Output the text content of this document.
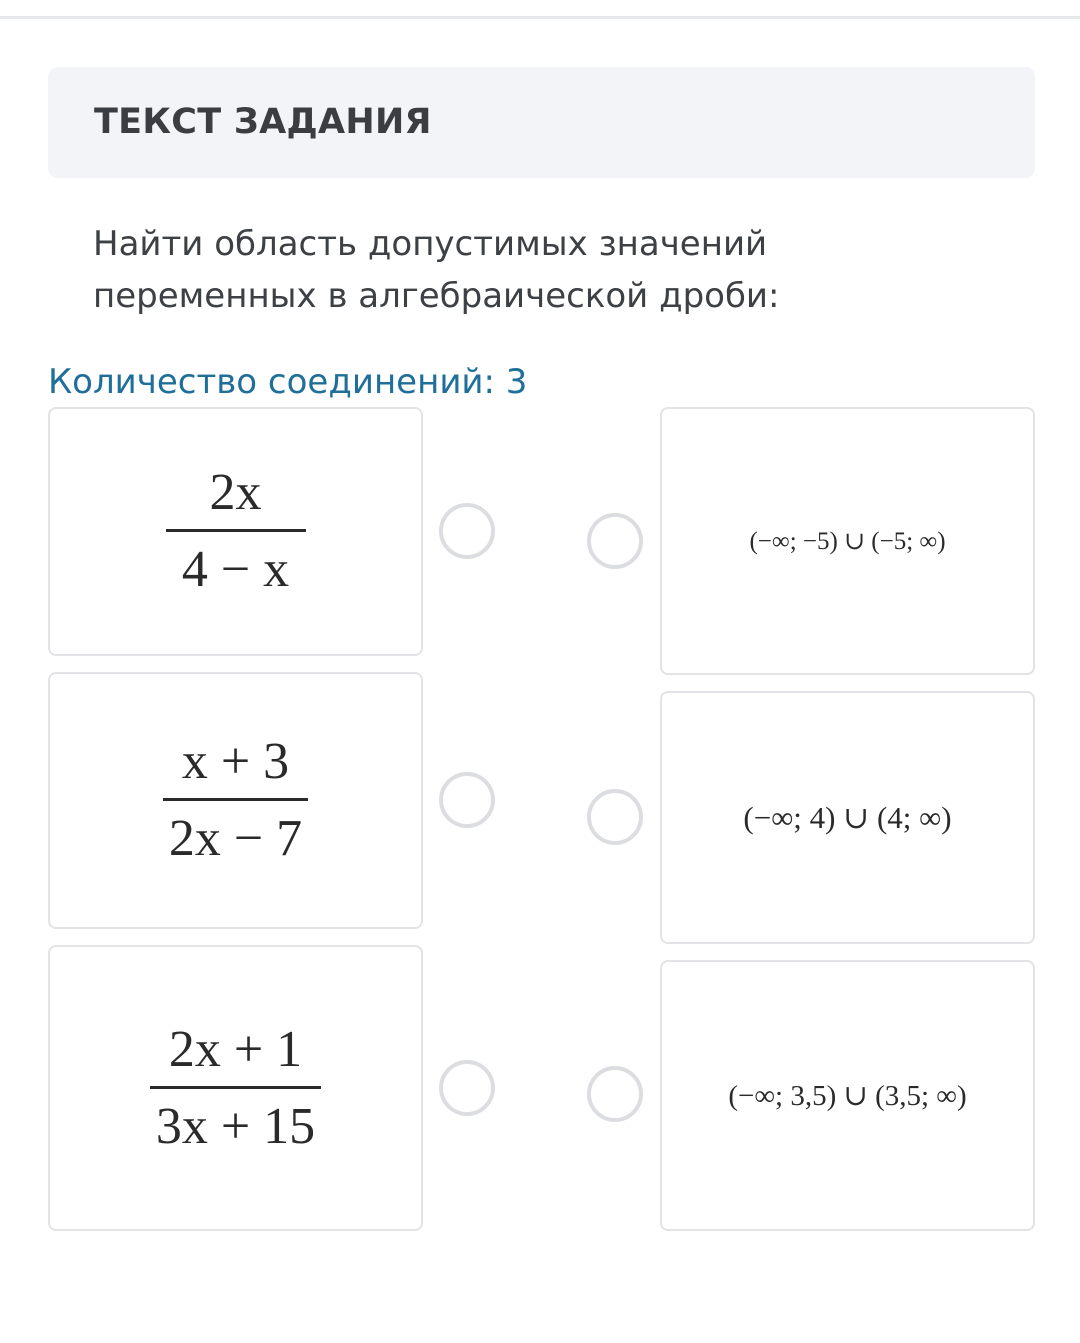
ТЕКСТ ЗАДАНИЯ
Найти область допустимых значений
переменных в алгебраической дроби:
Количество соединений: 3
$\frac{2x}{4 - x}$
$\frac{x + 3}{2x - 7}$
$\frac{2x + 1}{3x + 15}$
(−∞; −5) ∪ (−5; ∞)
(−∞; 4) ∪ (4; ∞)
(−∞; 3,5) ∪ (3,5; ∞)
